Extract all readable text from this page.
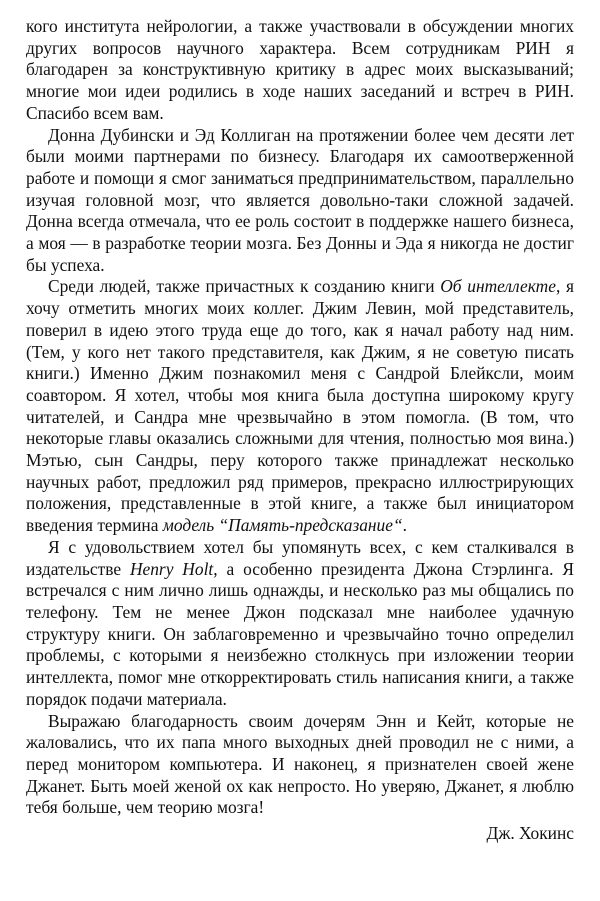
кого института нейрологии, а также участвовали в обсуждении многих других вопросов научного характера. Всем сотрудникам РИН я благодарен за конструктивную критику в адрес моих высказываний; многие мои идеи родились в ходе наших заседаний и встреч в РИН. Спасибо всем вам.

Донна Дубински и Эд Коллиган на протяжении более чем десяти лет были моими партнерами по бизнесу. Благодаря их самоотверженной работе и помощи я смог заниматься предпринимательством, параллельно изучая головной мозг, что является довольно-таки сложной задачей. Донна всегда отмечала, что ее роль состоит в поддержке нашего бизнеса, а моя — в разработке теории мозга. Без Донны и Эда я никогда не достиг бы успеха.

Среди людей, также причастных к созданию книги Об интеллекте, я хочу отметить многих моих коллег. Джим Левин, мой представитель, поверил в идею этого труда еще до того, как я начал работу над ним. (Тем, у кого нет такого представителя, как Джим, я не советую писать книги.) Именно Джим познакомил меня с Сандрой Блейксли, моим соавтором. Я хотел, чтобы моя книга была доступна широкому кругу читателей, и Сандра мне чрезвычайно в этом помогла. (В том, что некоторые главы оказались сложными для чтения, полностью моя вина.) Мэтью, сын Сандры, перу которого также принадлежат несколько научных работ, предложил ряд примеров, прекрасно иллюстрирующих положения, представленные в этой книге, а также был инициатором введения термина модель “Память-предсказание“.

Я с удовольствием хотел бы упомянуть всех, с кем сталкивался в издательстве Henry Holt, а особенно президента Джона Стэрлинга. Я встречался с ним лично лишь однажды, и несколько раз мы общались по телефону. Тем не менее Джон подсказал мне наиболее удачную структуру книги. Он заблаговременно и чрезвычайно точно определил проблемы, с которыми я неизбежно столкнусь при изложении теории интеллекта, помог мне откорректировать стиль написания книги, а также порядок подачи материала.

Выражаю благодарность своим дочерям Энн и Кейт, которые не жаловались, что их папа много выходных дней проводил не с ними, а перед монитором компьютера. И наконец, я признателен своей жене Джанет. Быть моей женой ох как непросто. Но уверяю, Джанет, я люблю тебя больше, чем теорию мозга!

Дж. Хокинс
